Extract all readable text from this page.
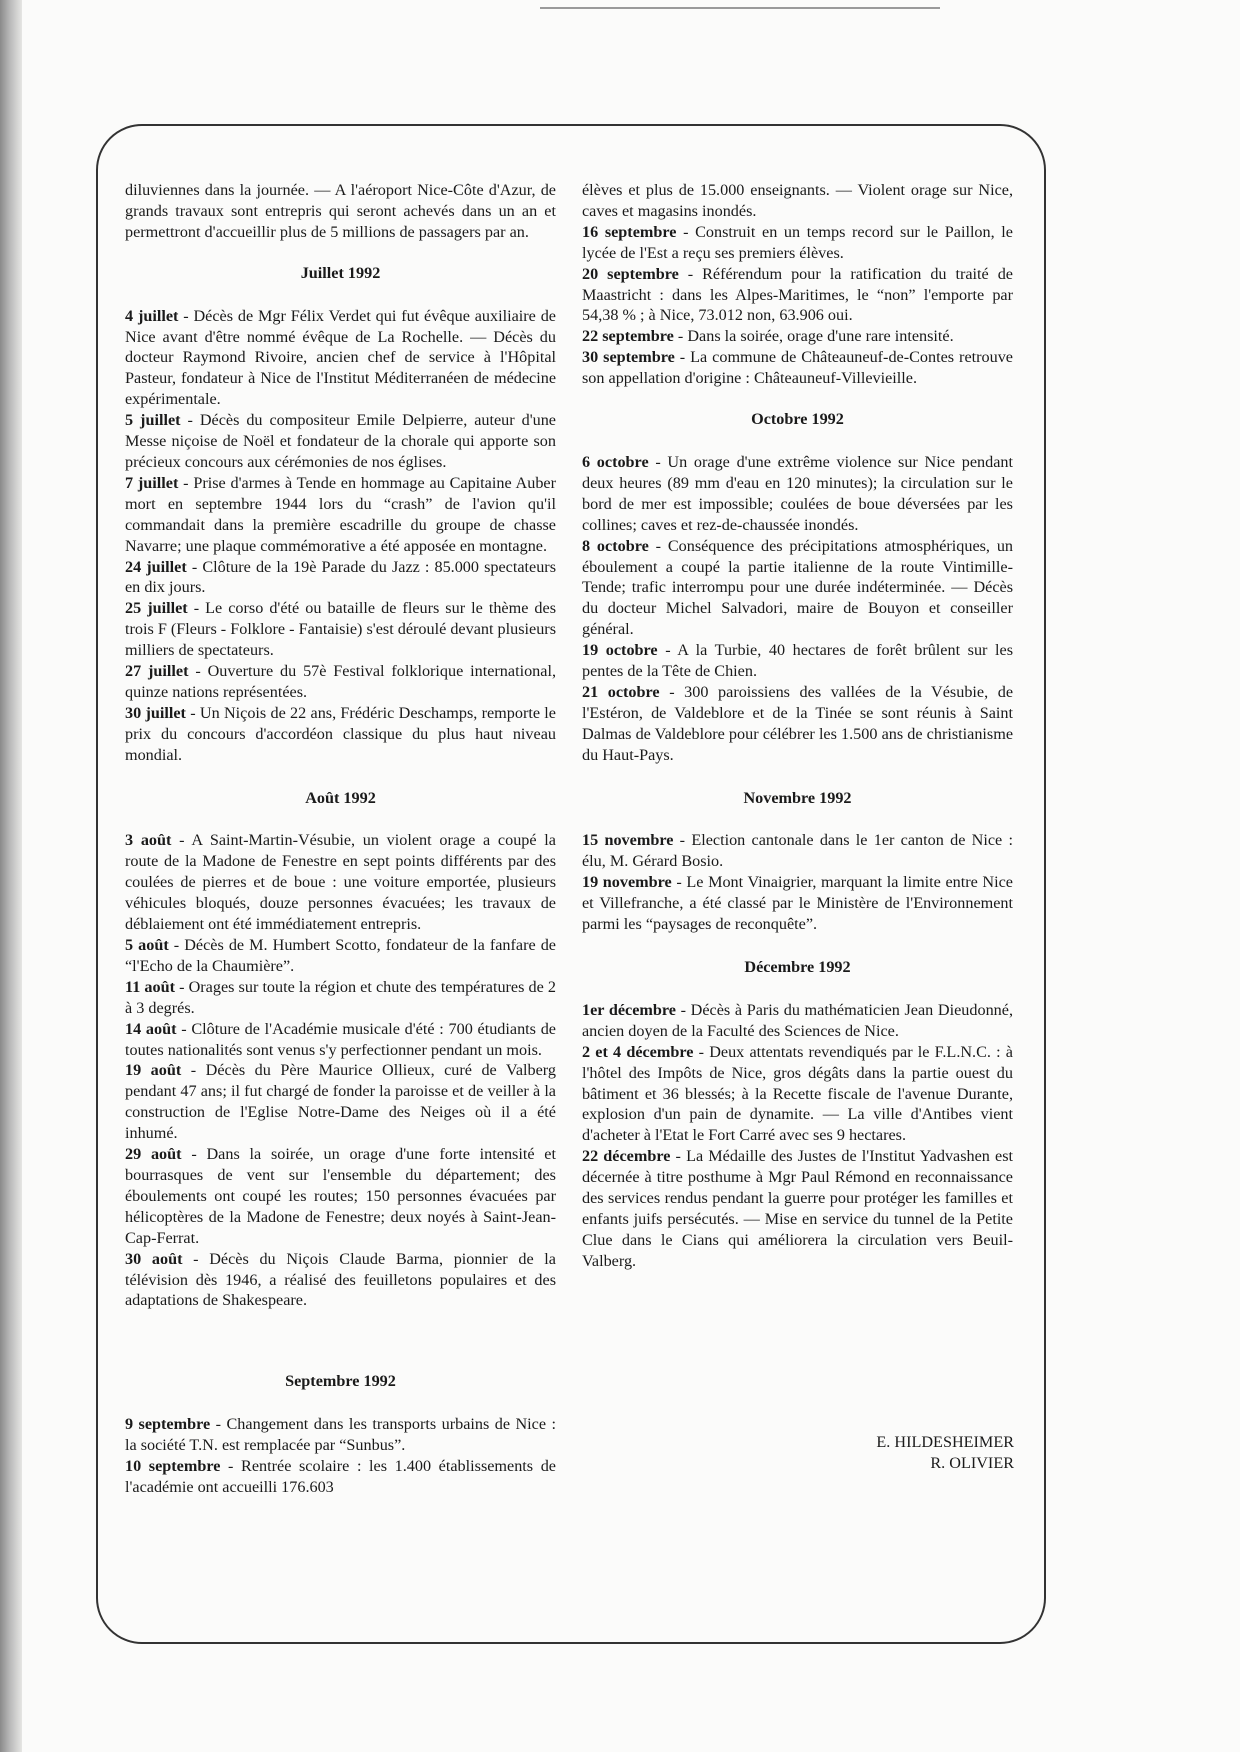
diluviennes dans la journée. — A l'aéroport Nice-Côte d'Azur, de grands travaux sont entrepris qui seront achevés dans un an et permettront d'accueillir plus de 5 millions de passagers par an.

Juillet 1992

4 juillet - Décès de Mgr Félix Verdet qui fut évêque auxiliaire de Nice avant d'être nommé évêque de La Rochelle. — Décès du docteur Raymond Rivoire, ancien chef de service à l'Hôpital Pasteur, fondateur à Nice de l'Institut Méditerranéen de médecine expérimentale.

5 juillet - Décès du compositeur Emile Delpierre, auteur d'une Messe niçoise de Noël et fondateur de la chorale qui apporte son précieux concours aux cérémonies de nos églises.

7 juillet - Prise d'armes à Tende en hommage au Capitaine Auber mort en septembre 1944 lors du “crash” de l'avion qu'il commandait dans la première escadrille du groupe de chasse Navarre; une plaque commémorative a été apposée en montagne.

24 juillet - Clôture de la 19è Parade du Jazz : 85.000 spectateurs en dix jours.

25 juillet - Le corso d'été ou bataille de fleurs sur le thème des trois F (Fleurs - Folklore - Fantaisie) s'est déroulé devant plusieurs milliers de spectateurs.

27 juillet - Ouverture du 57è Festival folklorique international, quinze nations représentées.

30 juillet - Un Niçois de 22 ans, Frédéric Deschamps, remporte le prix du concours d'accordéon classique du plus haut niveau mondial.

Août 1992

3 août - A Saint-Martin-Vésubie, un violent orage a coupé la route de la Madone de Fenestre en sept points différents par des coulées de pierres et de boue : une voiture emportée, plusieurs véhicules bloqués, douze personnes évacuées; les travaux de déblaiement ont été immédiatement entrepris.

5 août - Décès de M. Humbert Scotto, fondateur de la fanfare de “l'Echo de la Chaumière”.

11 août - Orages sur toute la région et chute des températures de 2 à 3 degrés.

14 août - Clôture de l'Académie musicale d'été : 700 étudiants de toutes nationalités sont venus s'y perfectionner pendant un mois.

19 août - Décès du Père Maurice Ollieux, curé de Valberg pendant 47 ans; il fut chargé de fonder la paroisse et de veiller à la construction de l'Eglise Notre-Dame des Neiges où il a été inhumé.

29 août - Dans la soirée, un orage d'une forte intensité et bourrasques de vent sur l'ensemble du département; des éboulements ont coupé les routes; 150 personnes évacuées par hélicoptères de la Madone de Fenestre; deux noyés à Saint-Jean-Cap-Ferrat.

30 août - Décès du Niçois Claude Barma, pionnier de la télévision dès 1946, a réalisé des feuilletons populaires et des adaptations de Shakespeare.

Septembre 1992

9 septembre - Changement dans les transports urbains de Nice : la société T.N. est remplacée par “Sunbus”.

10 septembre - Rentrée scolaire : les 1.400 établissements de l'académie ont accueilli 176.603

élèves et plus de 15.000 enseignants. — Violent orage sur Nice, caves et magasins inondés.

16 septembre - Construit en un temps record sur le Paillon, le lycée de l'Est a reçu ses premiers élèves.

20 septembre - Référendum pour la ratification du traité de Maastricht : dans les Alpes-Maritimes, le “non” l'emporte par 54,38 % ; à Nice, 73.012 non, 63.906 oui.

22 septembre - Dans la soirée, orage d'une rare intensité.

30 septembre - La commune de Châteauneuf-de-Contes retrouve son appellation d'origine : Châteauneuf-Villevieille.

Octobre 1992

6 octobre - Un orage d'une extrême violence sur Nice pendant deux heures (89 mm d'eau en 120 minutes); la circulation sur le bord de mer est impossible; coulées de boue déversées par les collines; caves et rez-de-chaussée inondés.

8 octobre - Conséquence des précipitations atmosphériques, un éboulement a coupé la partie italienne de la route Vintimille-Tende; trafic interrompu pour une durée indéterminée. — Décès du docteur Michel Salvadori, maire de Bouyon et conseiller général.

19 octobre - A la Turbie, 40 hectares de forêt brûlent sur les pentes de la Tête de Chien.

21 octobre - 300 paroissiens des vallées de la Vésubie, de l'Estéron, de Valdeblore et de la Tinée se sont réunis à Saint Dalmas de Valdeblore pour célébrer les 1.500 ans de christianisme du Haut-Pays.

Novembre 1992

15 novembre - Election cantonale dans le 1er canton de Nice : élu, M. Gérard Bosio.

19 novembre - Le Mont Vinaigrier, marquant la limite entre Nice et Villefranche, a été classé par le Ministère de l'Environnement parmi les “paysages de reconquête”.

Décembre 1992

1er décembre - Décès à Paris du mathématicien Jean Dieudonné, ancien doyen de la Faculté des Sciences de Nice.

2 et 4 décembre - Deux attentats revendiqués par le F.L.N.C. : à l'hôtel des Impôts de Nice, gros dégâts dans la partie ouest du bâtiment et 36 blessés; à la Recette fiscale de l'avenue Durante, explosion d'un pain de dynamite. — La ville d'Antibes vient d'acheter à l'Etat le Fort Carré avec ses 9 hectares.

22 décembre - La Médaille des Justes de l'Institut Yadvashen est décernée à titre posthume à Mgr Paul Rémond en reconnaissance des services rendus pendant la guerre pour protéger les familles et enfants juifs persécutés. — Mise en service du tunnel de la Petite Clue dans le Cians qui améliorera la circulation vers Beuil- Valberg.

E. HILDESHEIMER
R. OLIVIER
